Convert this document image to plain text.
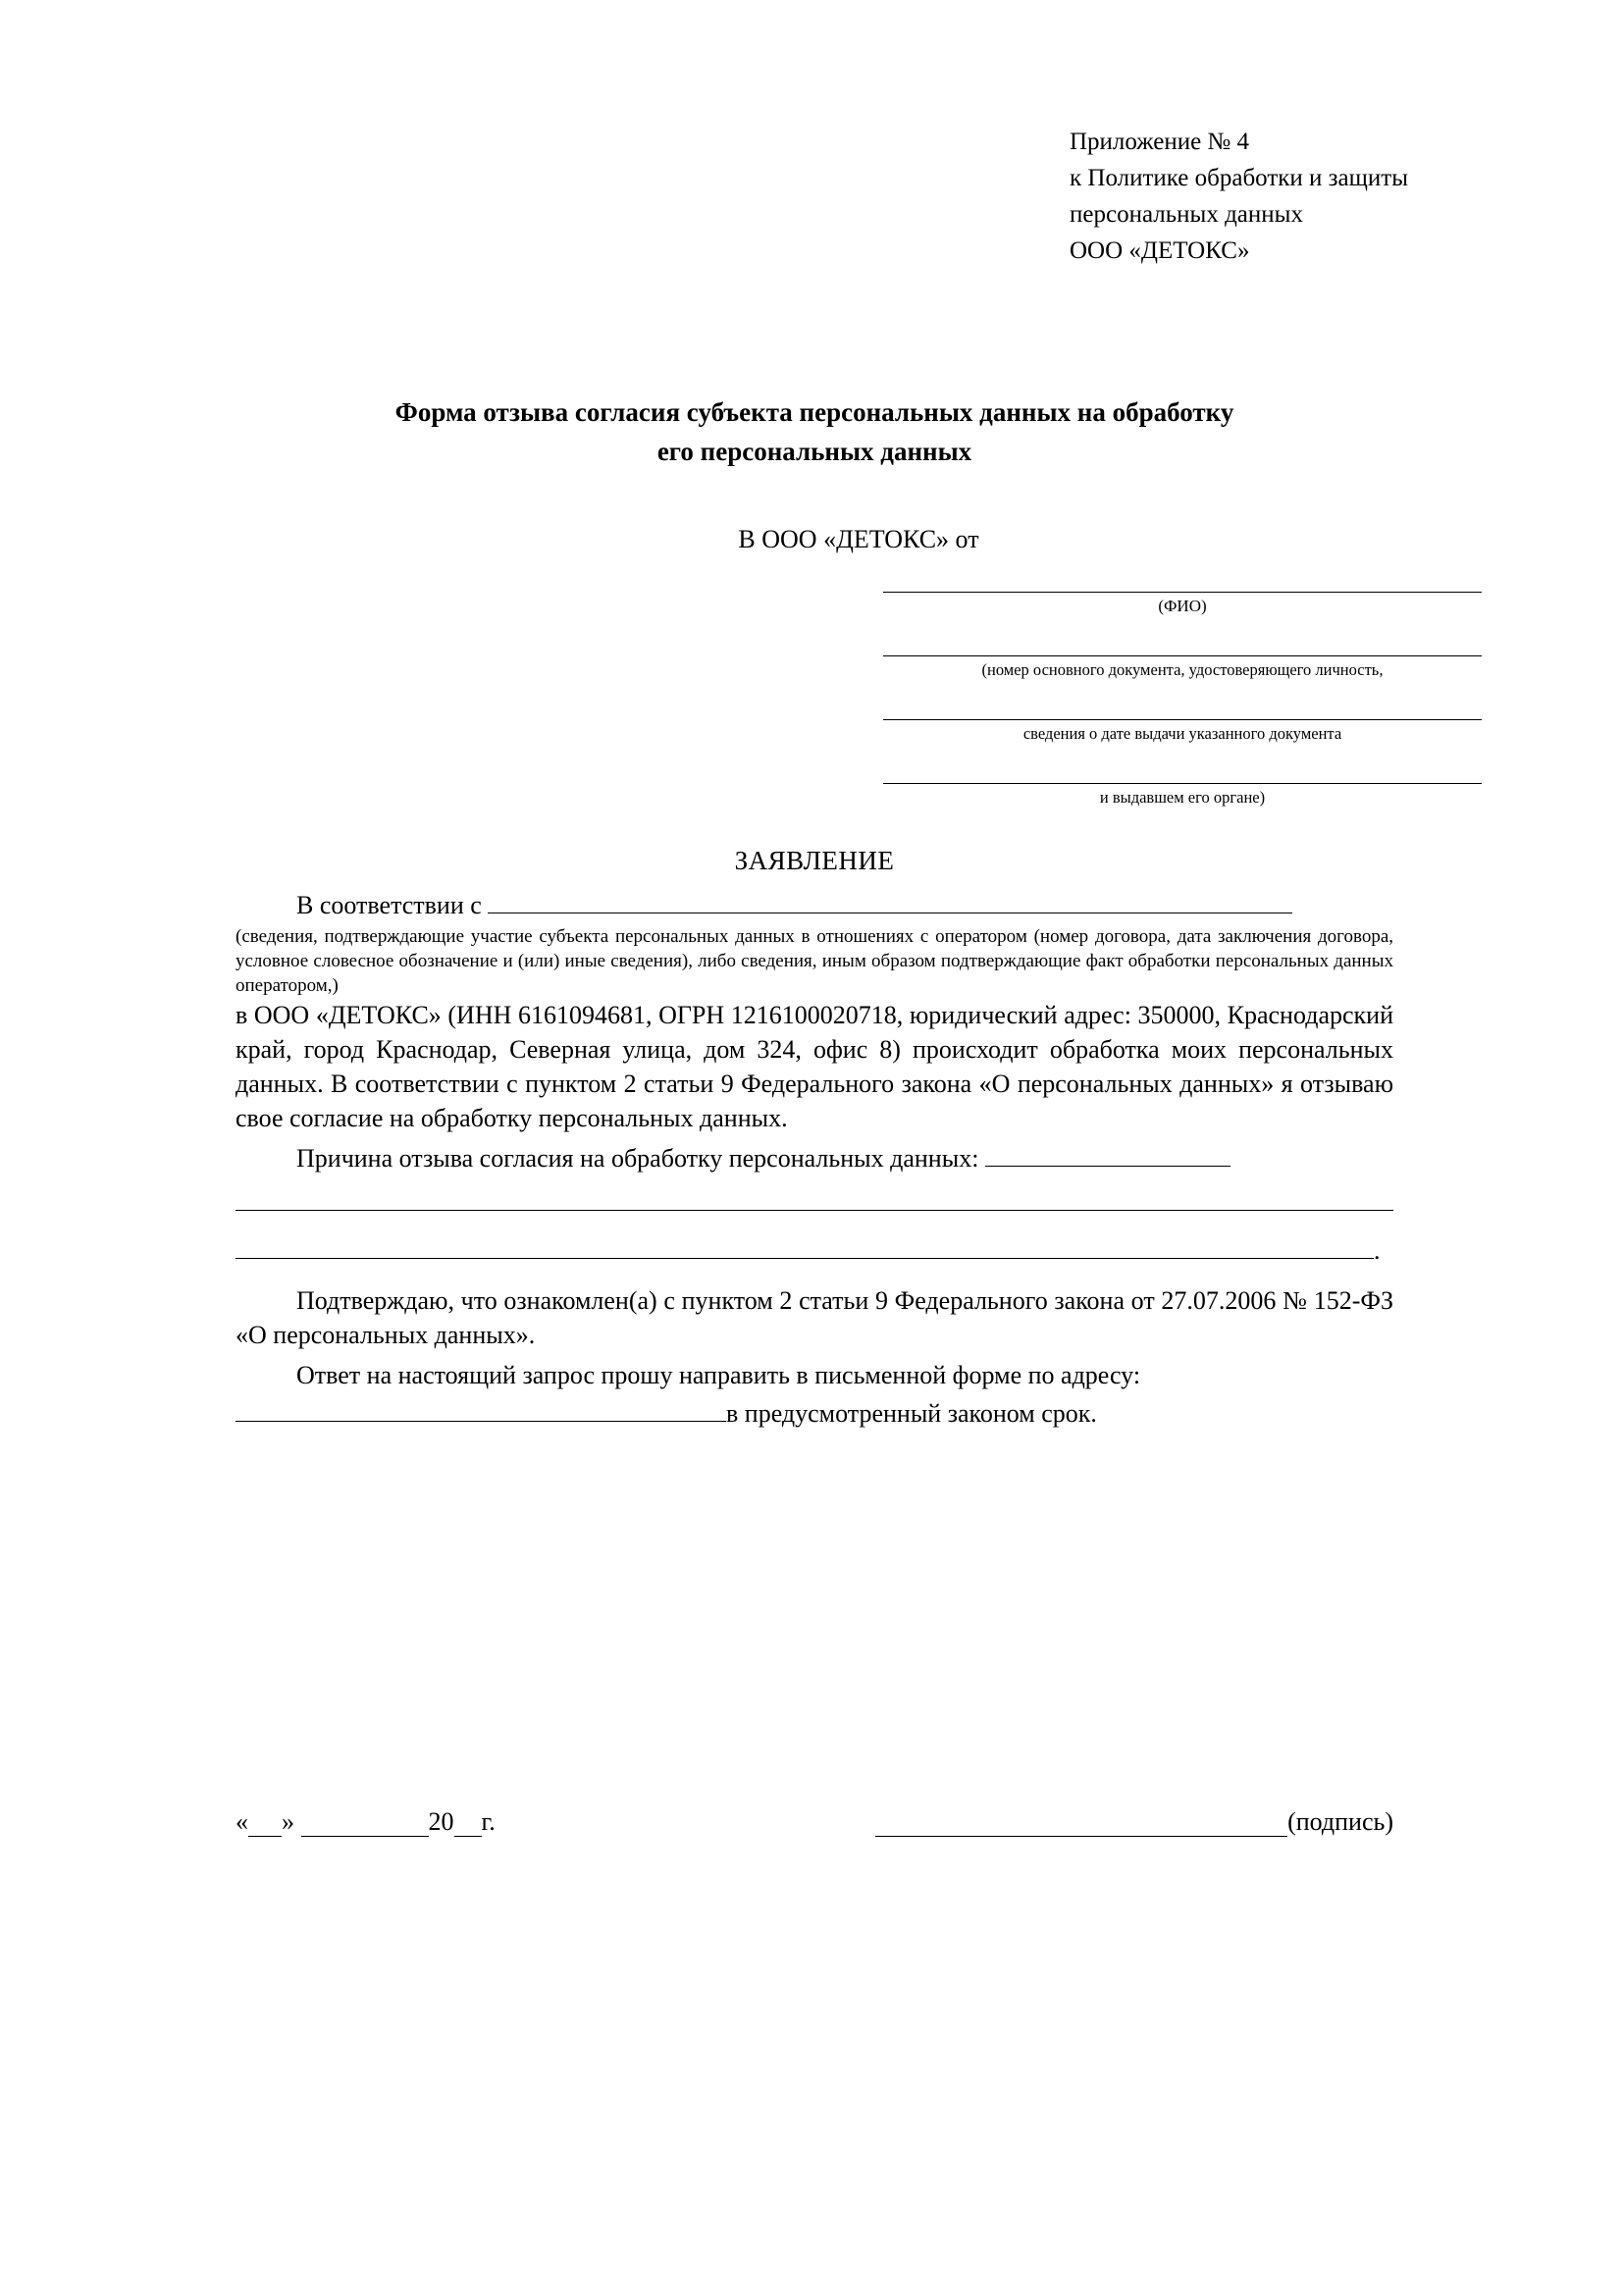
Приложение № 4
к Политике обработки и защиты
персональных данных
ООО «ДЕТОКС»
Форма отзыва согласия субъекта персональных данных на обработку
его персональных данных
В ООО «ДЕТОКС» от
(ФИО)
(номер основного документа, удостоверяющего личность,
сведения о дате выдачи указанного документа
и выдавшем его органе)
ЗАЯВЛЕНИЕ
В соответствии с
(сведения, подтверждающие участие субъекта персональных данных в отношениях с оператором (номер договора, дата заключения договора, условное словесное обозначение и (или) иные сведения), либо сведения, иным образом подтверждающие факт обработки персональных данных оператором,)
в ООО «ДЕТОКС» (ИНН 6161094681, ОГРН 1216100020718, юридический адрес: 350000, Краснодарский край, город Краснодар, Северная улица, дом 324, офис 8) происходит обработка моих персональных данных. В соответствии с пунктом 2 статьи 9 Федерального закона «О персональных данных» я отзываю свое согласие на обработку персональных данных.
Причина отзыва согласия на обработку персональных данных:
.
Подтверждаю, что ознакомлен(а) с пунктом 2 статьи 9 Федерального закона от 27.07.2006 № 152-ФЗ «О персональных данных».
Ответ на настоящий запрос прошу направить в письменной форме по адресу:
в предусмотренный законом срок.
« »	20 г.	(подпись)
